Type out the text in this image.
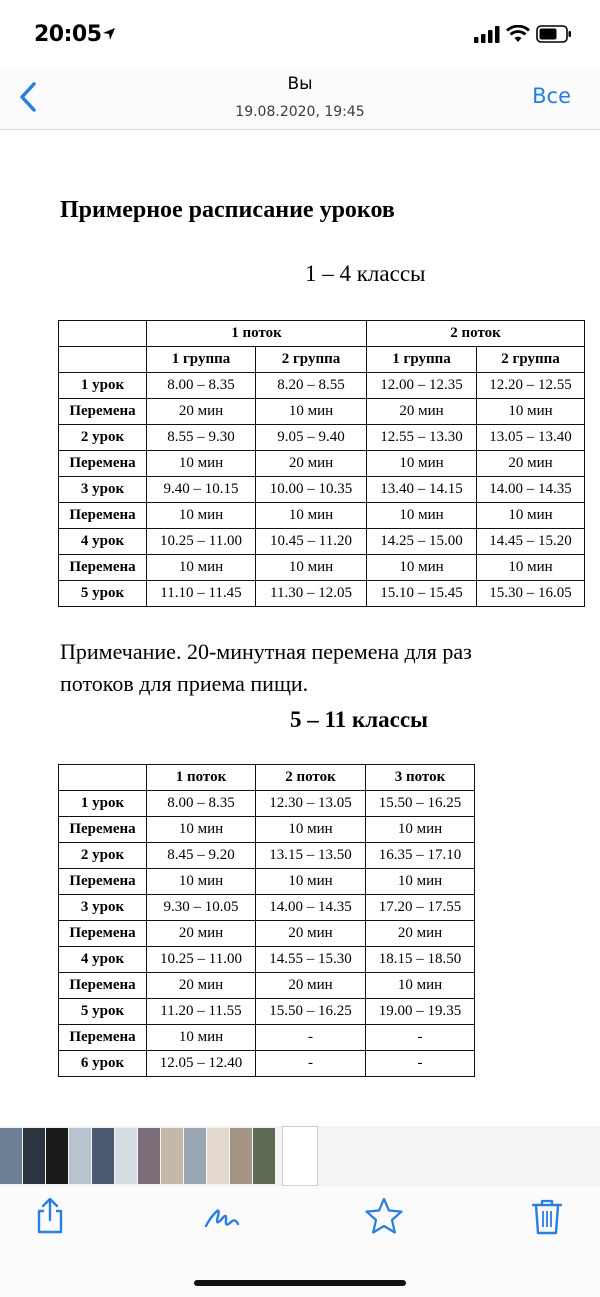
20:05
Вы
19.08.2020, 19:45
Все
Примерное расписание уроков
1 – 4 классы
	1 поток		2 поток	
	1 группа	2 группа	1 группа	2 группа
1 урок	8.00 – 8.35	8.20 – 8.55	12.00 – 12.35	12.20 – 12.55
Перемена	20 мин	10 мин	20 мин	10 мин
2 урок	8.55 – 9.30	9.05 – 9.40	12.55 – 13.30	13.05 – 13.40
Перемена	10 мин	20 мин	10 мин	20 мин
3 урок	9.40 – 10.15	10.00 – 10.35	13.40 – 14.15	14.00 – 14.35
Перемена	10 мин	10 мин	10 мин	10 мин
4 урок	10.25 – 11.00	10.45 – 11.20	14.25 – 15.00	14.45 – 15.20
Перемена	10 мин	10 мин	10 мин	10 мин
5 урок	11.10 – 11.45	11.30 – 12.05	15.10 – 15.45	15.30 – 16.05
Примечание. 20-минутная перемена для раз
потоков для приема пищи.
5 – 11 классы
	1 поток	2 поток	3 поток
1 урок	8.00 – 8.35	12.30 – 13.05	15.50 – 16.25
Перемена	10 мин	10 мин	10 мин
2 урок	8.45 – 9.20	13.15 – 13.50	16.35 – 17.10
Перемена	10 мин	10 мин	10 мин
3 урок	9.30 – 10.05	14.00 – 14.35	17.20 – 17.55
Перемена	20 мин	20 мин	20 мин
4 урок	10.25 – 11.00	14.55 – 15.30	18.15 – 18.50
Перемена	20 мин	20 мин	10 мин
5 урок	11.20 – 11.55	15.50 – 16.25	19.00 – 19.35
Перемена	10 мин	-	-
6 урок	12.05 – 12.40	-	-
